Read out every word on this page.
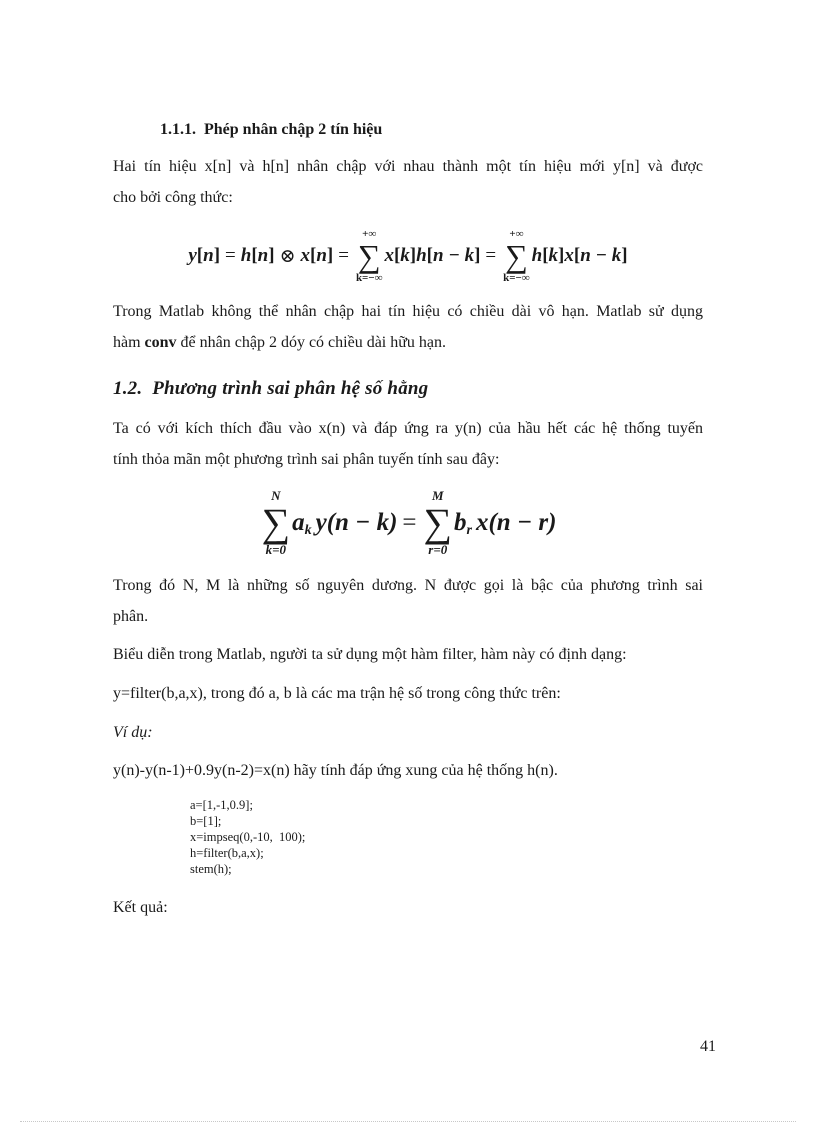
1.1.1. Phép nhân chập 2 tín hiệu
Hai tín hiệu x[n] và h[n] nhân chập với nhau thành một tín hiệu mới y[n] và được
cho bởi công thức:
y [ n ] = h [ n ] ⊗ x [ n ] =
+∞
∑
k=−∞
x [ k ] h [ n − k ] =
+∞
∑
k=−∞
h [ k ] x [ n − k ]
Trong Matlab không thể nhân chập hai tín hiệu có chiều dài vô hạn. Matlab sử dụng
hàm conv để nhân chập 2 dóy có chiều dài hữu hạn.
1.2. Phương trình sai phân hệ số hằng
Ta có với kích thích đầu vào x(n) và đáp ứng ra y(n) của hầu hết các hệ thống tuyến
tính thỏa mãn một phương trình sai phân tuyến tính sau đây:
N
∑
k=0
a k y(n − k) =
M
∑
r=0
b r x(n − r)
Trong đó N, M là những số nguyên dương. N được gọi là bậc của phương trình sai
phân.
Biểu diễn trong Matlab, người ta sử dụng một hàm filter, hàm này có định dạng:
y=filter(b,a,x), trong đó a, b là các ma trận hệ số trong công thức trên:
Ví dụ:
y(n)-y(n-1)+0.9y(n-2)=x(n) hãy tính đáp ứng xung của hệ thống h(n).
a=[1,-1,0.9];
b=[1];
x=impseq(0,-10,  100);
h=filter(b,a,x);
stem(h);
Kết quả:
41
